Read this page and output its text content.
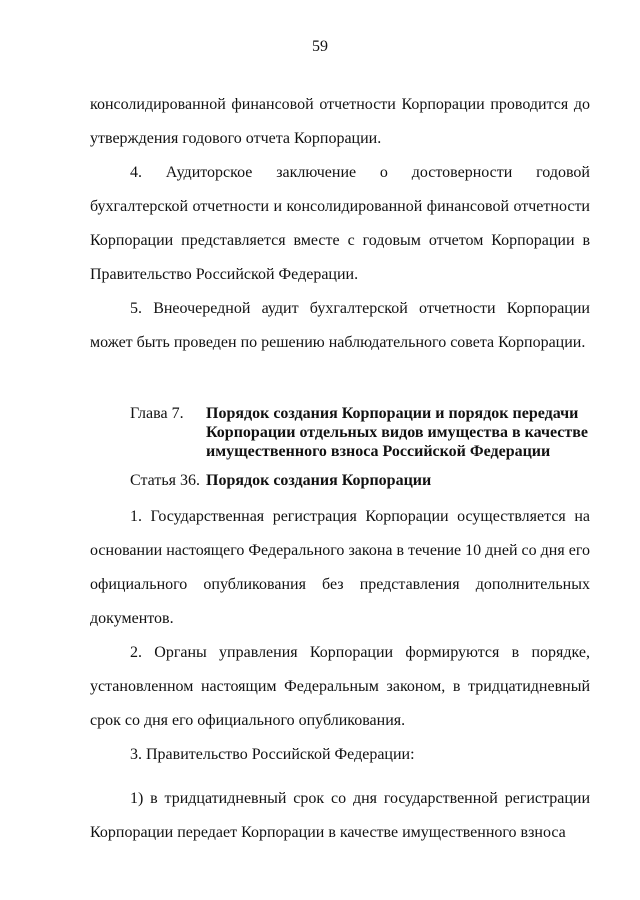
59
консолидированной финансовой отчетности Корпорации проводится до утверждения годового отчета Корпорации.
4. Аудиторское заключение о достоверности годовой бухгалтерской отчетности и консолидированной финансовой отчетности Корпорации представляется вместе с годовым отчетом Корпорации в Правительство Российской Федерации.
5. Внеочередной аудит бухгалтерской отчетности Корпорации может быть проведен по решению наблюдательного совета Корпорации.
Глава 7.	Порядок создания Корпорации и порядок передачи Корпорации отдельных видов имущества в качестве имущественного взноса Российской Федерации
Статья 36. Порядок создания Корпорации
1. Государственная регистрация Корпорации осуществляется на основании настоящего Федерального закона в течение 10 дней со дня его официального опубликования без представления дополнительных документов.
2. Органы управления Корпорации формируются в порядке, установленном настоящим Федеральным законом, в тридцатидневный срок со дня его официального опубликования.
3. Правительство Российской Федерации:
1) в тридцатидневный срок со дня государственной регистрации Корпорации передает Корпорации в качестве имущественного взноса
